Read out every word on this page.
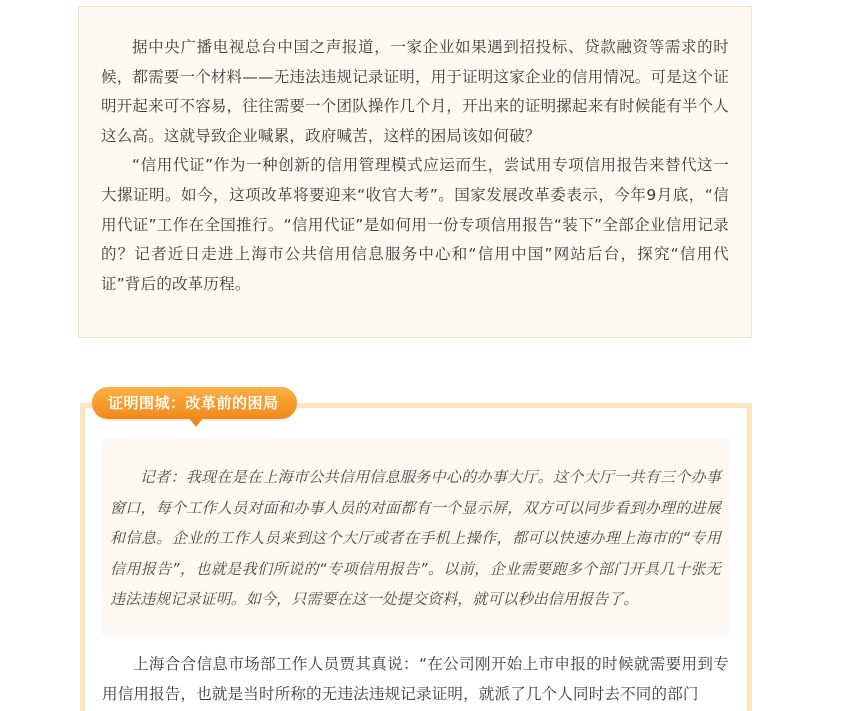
据中央广播电视总台中国之声报道，一家企业如果遇到招投标、贷款融资等需求的时候，都需要一个材料——无违法违规记录证明，用于证明这家企业的信用情况。可是这个证明开起来可不容易，往往需要一个团队操作几个月，开出来的证明摞起来有时候能有半个人这么高。这就导致企业喊累，政府喊苦，这样的困局该如何破？

“信用代证”作为一种创新的信用管理模式应运而生，尝试用专项信用报告来替代这一大摞证明。如今，这项改革将要迎来“收官大考”。国家发展改革委表示，今年9月底，“信用代证”工作在全国推行。“信用代证”是如何用一份专项信用报告“装下”全部企业信用记录的？记者近日走进上海市公共信用信息服务中心和“信用中国”网站后台，探究“信用代证”背后的改革历程。

证明围城：改革前的困局

记者：我现在是在上海市公共信用信息服务中心的办事大厅。这个大厅一共有三个办事窗口，每个工作人员对面和办事人员的对面都有一个显示屏，双方可以同步看到办理的进展和信息。企业的工作人员来到这个大厅或者在手机上操作，都可以快速办理上海市的“专用信用报告”，也就是我们所说的“专项信用报告”。以前，企业需要跑多个部门开具几十张无违法违规记录证明。如今，只需要在这一处提交资料，就可以秒出信用报告了。

上海合合信息市场部工作人员贾其真说：“在公司刚开始上市申报的时候就需要用到专用信用报告，也就是当时所称的无违法违规记录证明，就派了几个人同时去不同的部门
